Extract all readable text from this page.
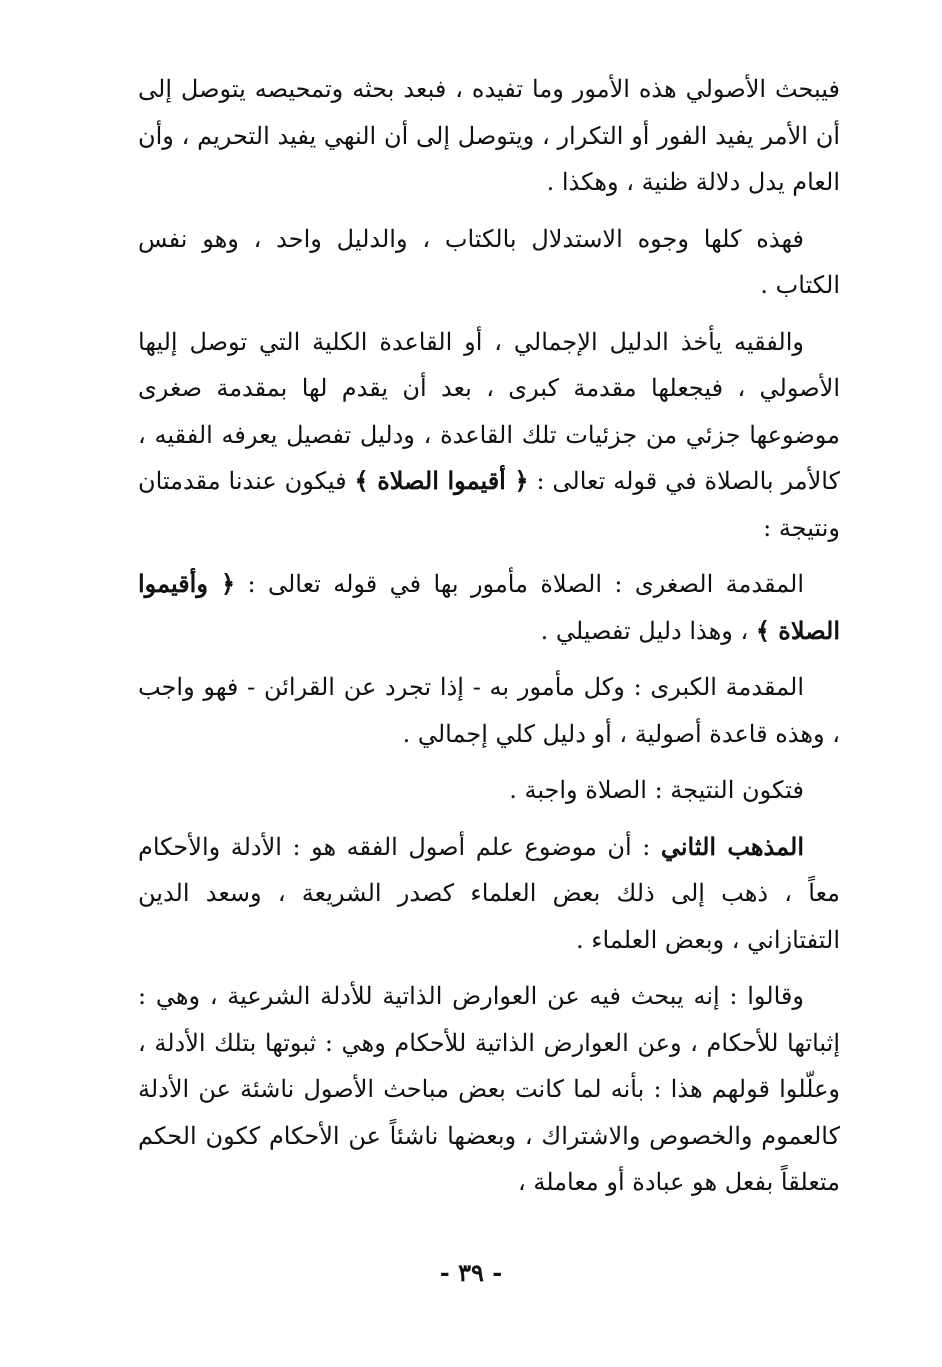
فيبحث الأصولي هذه الأمور وما تفيده ، فبعد بحثه وتمحيصه يتوصل إلى أن الأمر يفيد الفور أو التكرار ، ويتوصل إلى أن النهي يفيد التحريم ، وأن العام يدل دلالة ظنية ، وهكذا .

فهذه كلها وجوه الاستدلال بالكتاب ، والدليل واحد ، وهو نفس الكتاب .

والفقيه يأخذ الدليل الإجمالي ، أو القاعدة الكلية التي توصل إليها الأصولي ، فيجعلها مقدمة كبرى ، بعد أن يقدم لها بمقدمة صغرى موضوعها جزئي من جزئيات تلك القاعدة ، ودليل تفصيل يعرفه الفقيه ، كالأمر بالصلاة في قوله تعالى : ﴿ أقيموا الصلاة ﴾ فيكون عندنا مقدمتان ونتيجة :

المقدمة الصغرى : الصلاة مأمور بها في قوله تعالى : ﴿ وأقيموا الصلاة ﴾ ، وهذا دليل تفصيلي .

المقدمة الكبرى : وكل مأمور به - إذا تجرد عن القرائن - فهو واجب ، وهذه قاعدة أصولية ، أو دليل كلي إجمالي .

فتكون النتيجة : الصلاة واجبة .

المذهب الثاني : أن موضوع علم أصول الفقه هو : الأدلة والأحكام معاً ، ذهب إلى ذلك بعض العلماء كصدر الشريعة ، وسعد الدين التفتازاني ، وبعض العلماء .

وقالوا : إنه يبحث فيه عن العوارض الذاتية للأدلة الشرعية ، وهي : إثباتها للأحكام ، وعن العوارض الذاتية للأحكام وهي : ثبوتها بتلك الأدلة ، وعلّلوا قولهم هذا : بأنه لما كانت بعض مباحث الأصول ناشئة عن الأدلة كالعموم والخصوص والاشتراك ، وبعضها ناشئاً عن الأحكام ككون الحكم متعلقاً بفعل هو عبادة أو معاملة ،

- ٣٩ -
